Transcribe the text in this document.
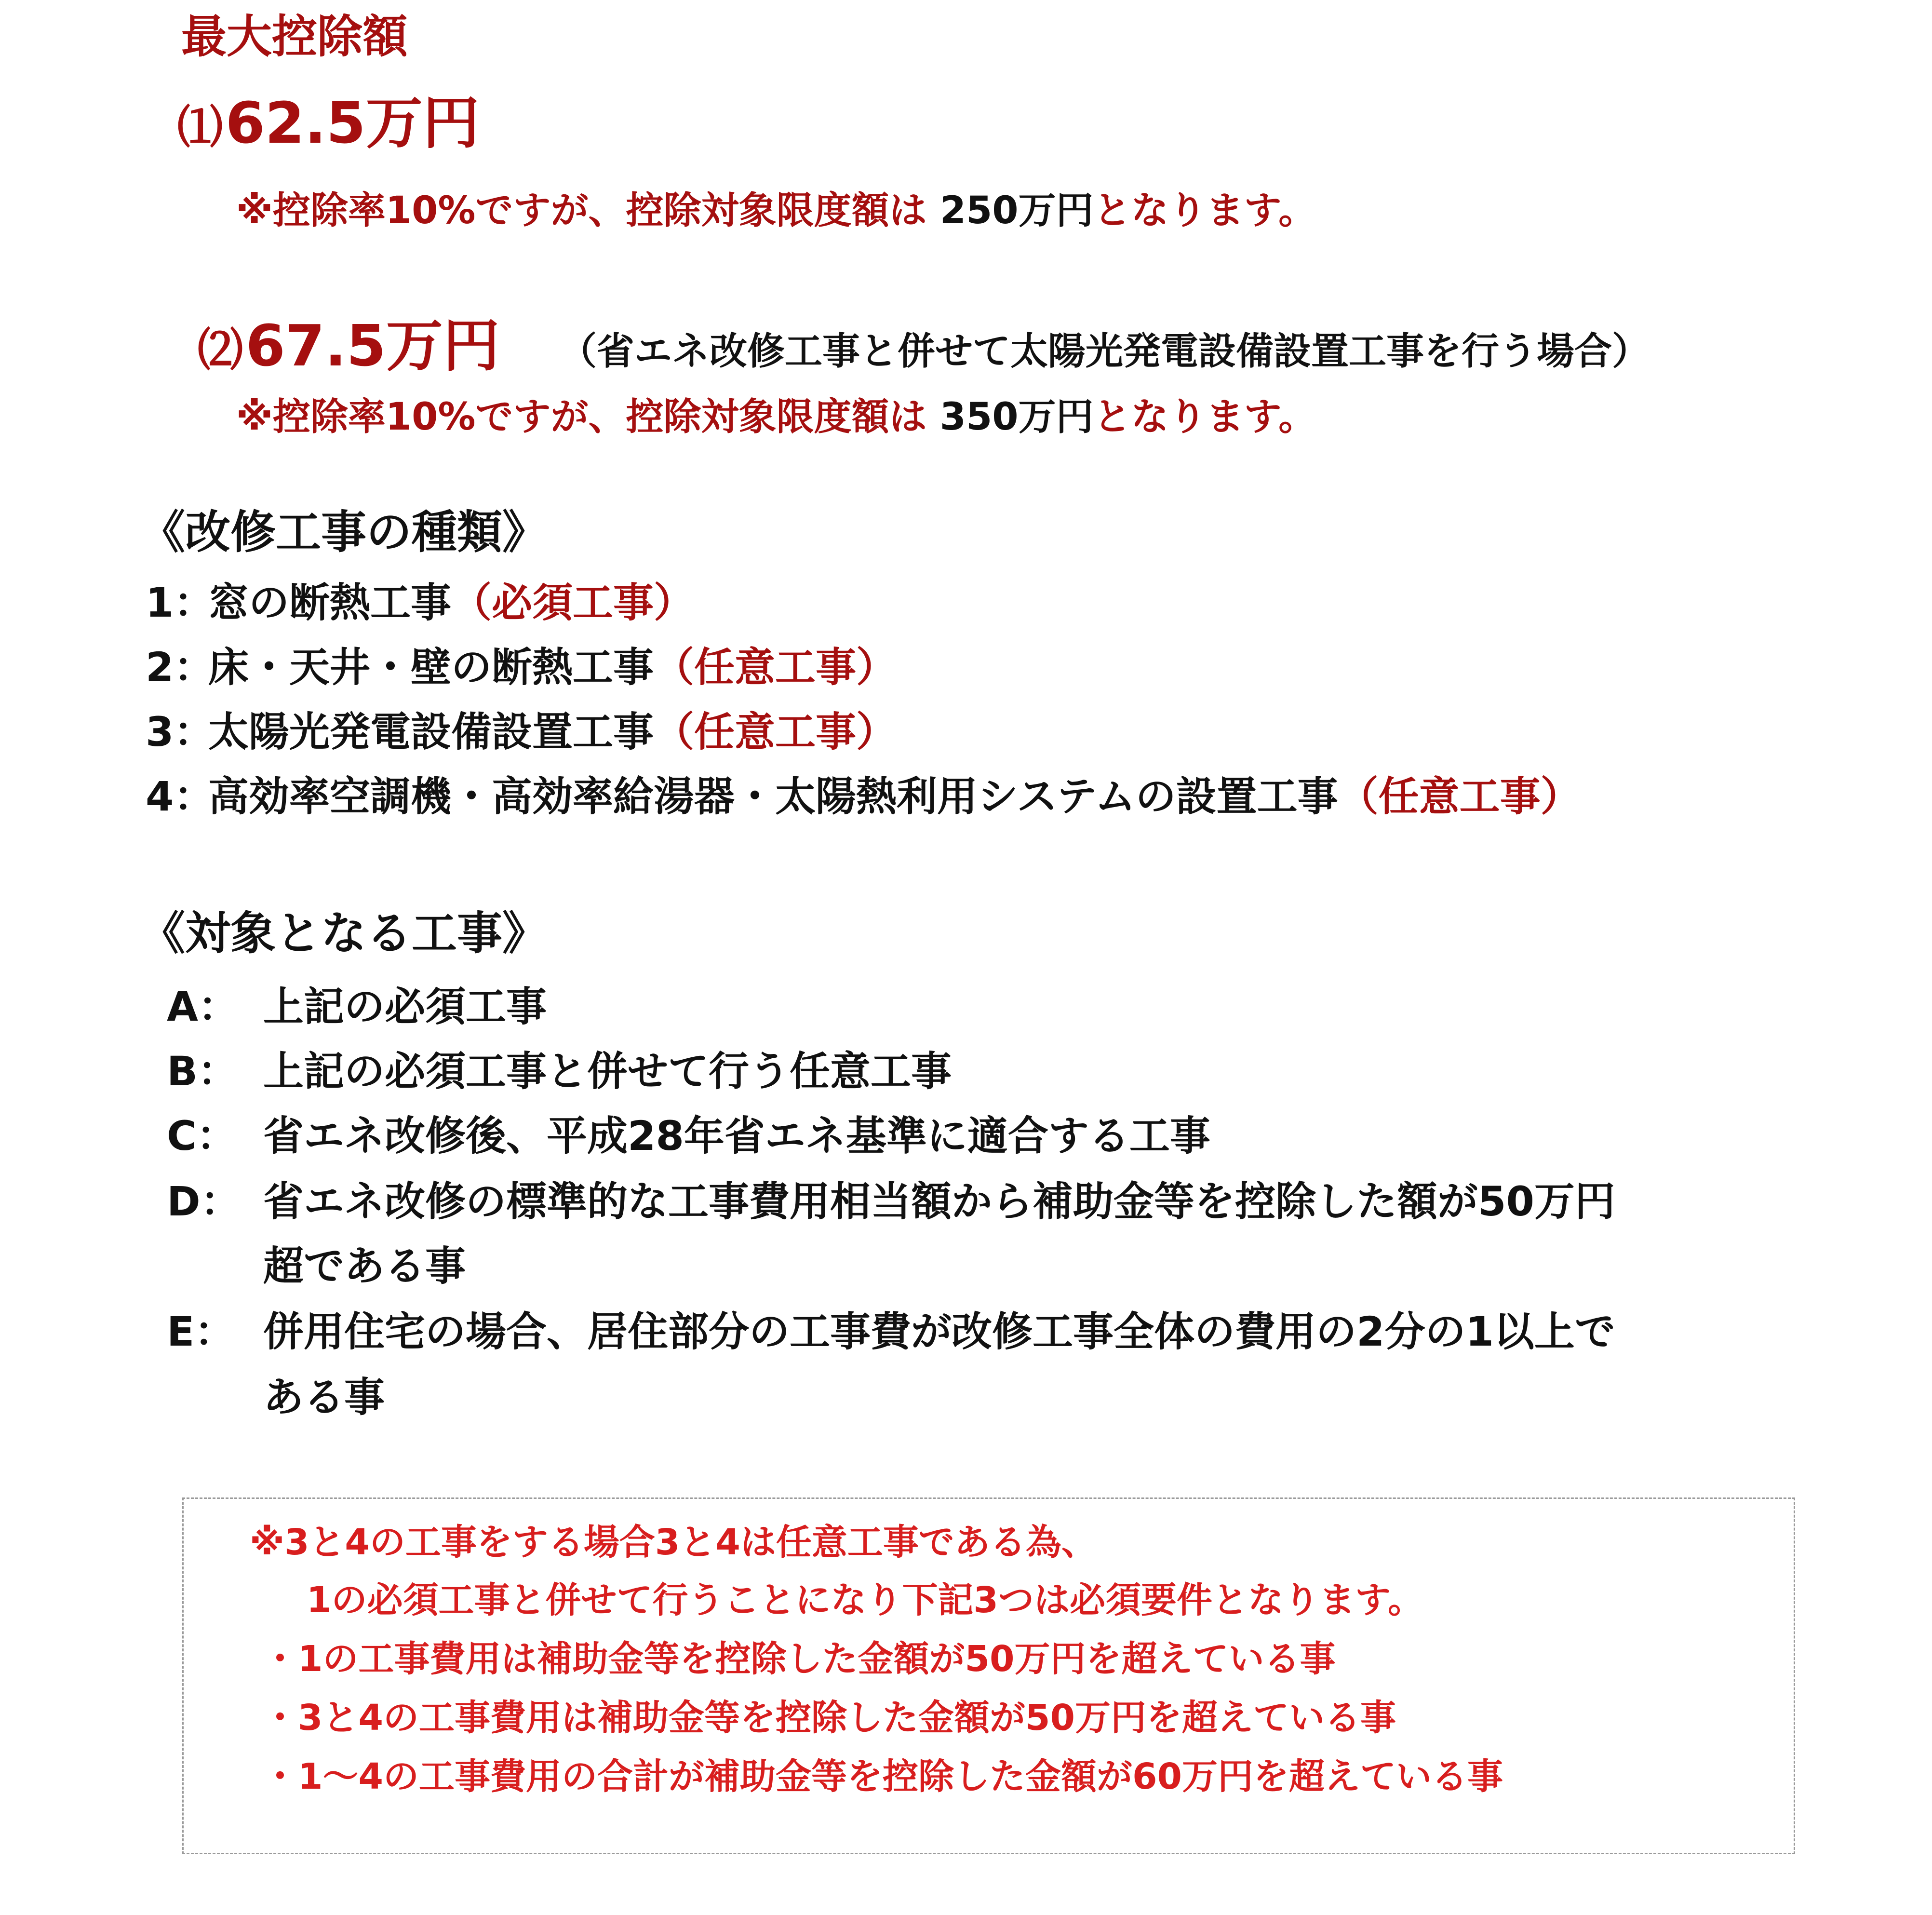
最大控除額
⑴ 62.5万円
※控除率10%ですが、控除対象限度額は 250万円となります。
⑵ 67.5万円 （省エネ改修工事と併せて太陽光発電設備設置工事を行う場合）
※控除率10%ですが、控除対象限度額は 350万円となります。
《改修工事の種類》
1：窓の断熱工事（必須工事）
2：床・天井・壁の断熱工事（任意工事）
3：太陽光発電設備設置工事（任意工事）
4：高効率空調機・高効率給湯器・太陽熱利用システムの設置工事（任意工事）
《対象となる工事》
A： 上記の必須工事
B： 上記の必須工事と併せて行う任意工事
C： 省エネ改修後、平成28年省エネ基準に適合する工事
D： 省エネ改修の標準的な工事費用相当額から補助金等を控除した額が50万円
超である事
E： 併用住宅の場合、居住部分の工事費が改修工事全体の費用の2分の1以上で
ある事
※3と4の工事をする場合3と4は任意工事である為、
1の必須工事と併せて行うことになり下記3つは必須要件となります。
・1の工事費用は補助金等を控除した金額が50万円を超えている事
・3と4の工事費用は補助金等を控除した金額が50万円を超えている事
・1～4の工事費用の合計が補助金等を控除した金額が60万円を超えている事
